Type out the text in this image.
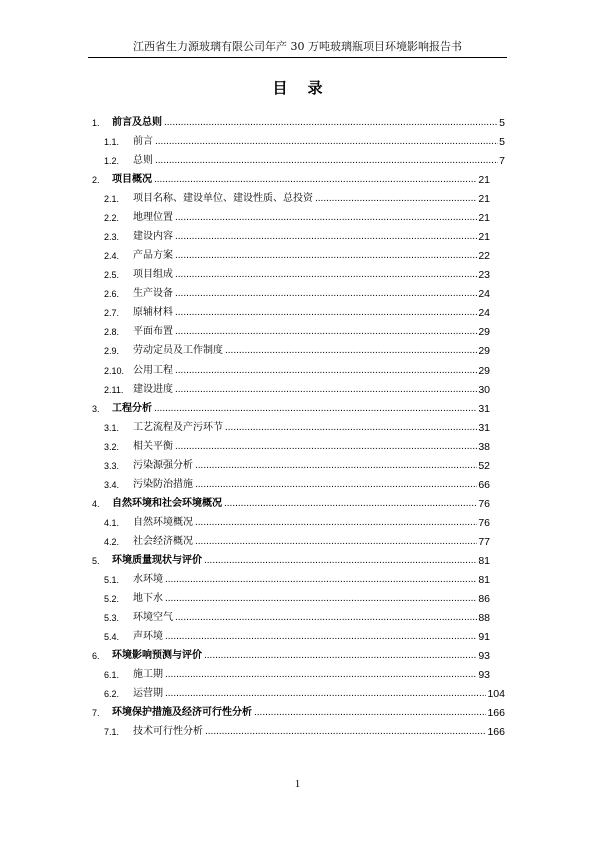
江西省生力源玻璃有限公司年产 30 万吨玻璃瓶项目环境影响报告书
目 录
1. 前言及总则 .....	5
1.1. 前言 .....	5
1.2. 总则 .....	7
2. 项目概况 .....	21
2.1. 项目名称、建设单位、建设性质、总投资 .....	21
2.2. 地理位置 .....	21
2.3. 建设内容 .....	21
2.4. 产品方案 .....	22
2.5. 项目组成 .....	23
2.6. 生产设备 .....	24
2.7. 原辅材料 .....	24
2.8. 平面布置 .....	29
2.9. 劳动定员及工作制度 .....	29
2.10. 公用工程 .....	29
2.11. 建设进度 .....	30
3. 工程分析 .....	31
3.1. 工艺流程及产污环节 .....	31
3.2. 相关平衡 .....	38
3.3. 污染源强分析 .....	52
3.4. 污染防治措施 .....	66
4. 自然环境和社会环境概况 .....	76
4.1. 自然环境概况 .....	76
4.2. 社会经济概况 .....	77
5. 环境质量现状与评价 .....	81
5.1. 水环境 .....	81
5.2. 地下水 .....	86
5.3. 环境空气 .....	88
5.4. 声环境 .....	91
6. 环境影响预测与评价 .....	93
6.1. 施工期 .....	93
6.2. 运营期 .....	104
7. 环境保护措施及经济可行性分析 .....	166
7.1. 技术可行性分析 .....	166
1
